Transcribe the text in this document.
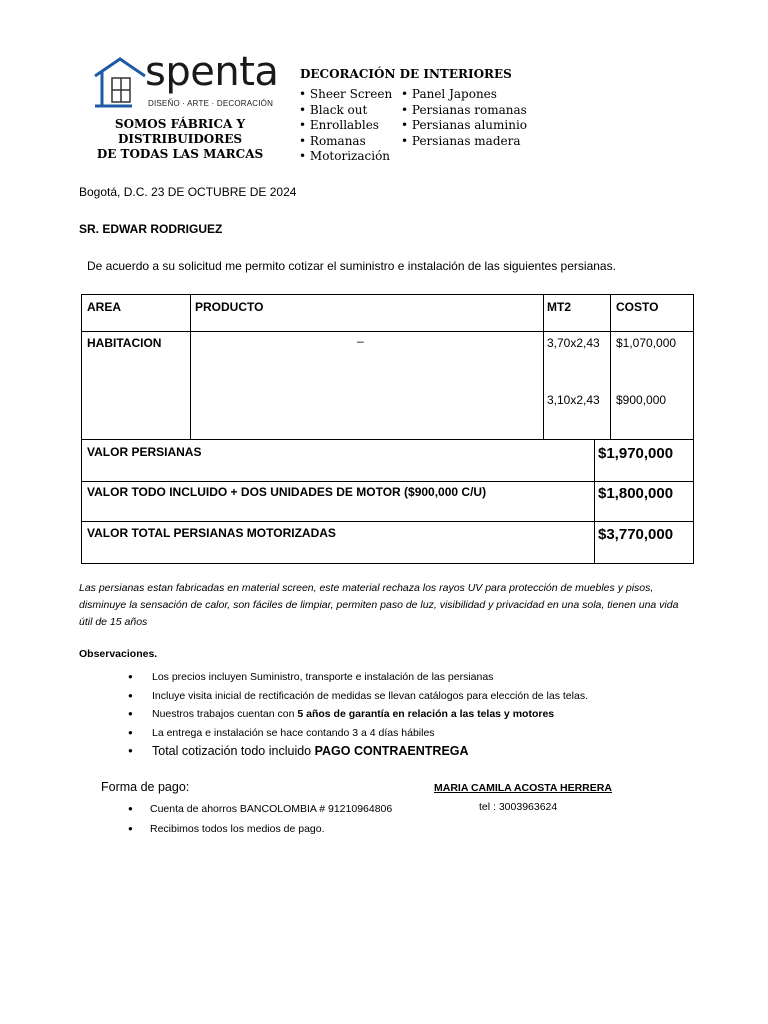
spenta
DISEÑO · ARTE · DECORACIÓN
SOMOS FÁBRICA Y
DISTRIBUIDORES
DE TODAS LAS MARCAS
DECORACIÓN DE INTERIORES
• Sheer Screen
• Black out
• Enrollables
• Romanas
• Motorización
• Panel Japones
• Persianas romanas
• Persianas aluminio
• Persianas madera
Bogotá, D.C. 23 DE OCTUBRE DE 2024
SR. EDWAR RODRIGUEZ
De acuerdo a su solicitud me permito cotizar el suministro e instalación de las siguientes persianas.
AREA	PRODUCTO	MT2	COSTO
HABITACION	–	3,70x2,43 $1,070,000
3,10x2,43 $900,000
VALOR PERSIANAS	$1,970,000
VALOR TODO INCLUIDO + DOS UNIDADES DE MOTOR ($900,000 C/U)	$1,800,000
VALOR TOTAL PERSIANAS MOTORIZADAS	$3,770,000
Las persianas estan fabricadas en material screen, este material rechaza los rayos UV para protección de muebles y pisos, disminuye la sensación de calor, son fáciles de limpiar, permiten paso de luz, visibilidad y privacidad en una sola, tienen una vida útil de 15 años
Observaciones.
● Los precios incluyen Suministro, transporte e instalación de las persianas
● Incluye visita inicial de rectificación de medidas se llevan catálogos para elección de las telas.
● Nuestros trabajos cuentan con 5 años de garantía en relación a las telas y motores
● La entrega e instalación se hace contando 3 a 4 días hábiles
● Total cotización todo incluido PAGO CONTRAENTREGA
Forma de pago:
● Cuenta de ahorros BANCOLOMBIA # 91210964806
● Recibimos todos los medios de pago.
MARIA CAMILA ACOSTA HERRERA
tel : 3003963624
